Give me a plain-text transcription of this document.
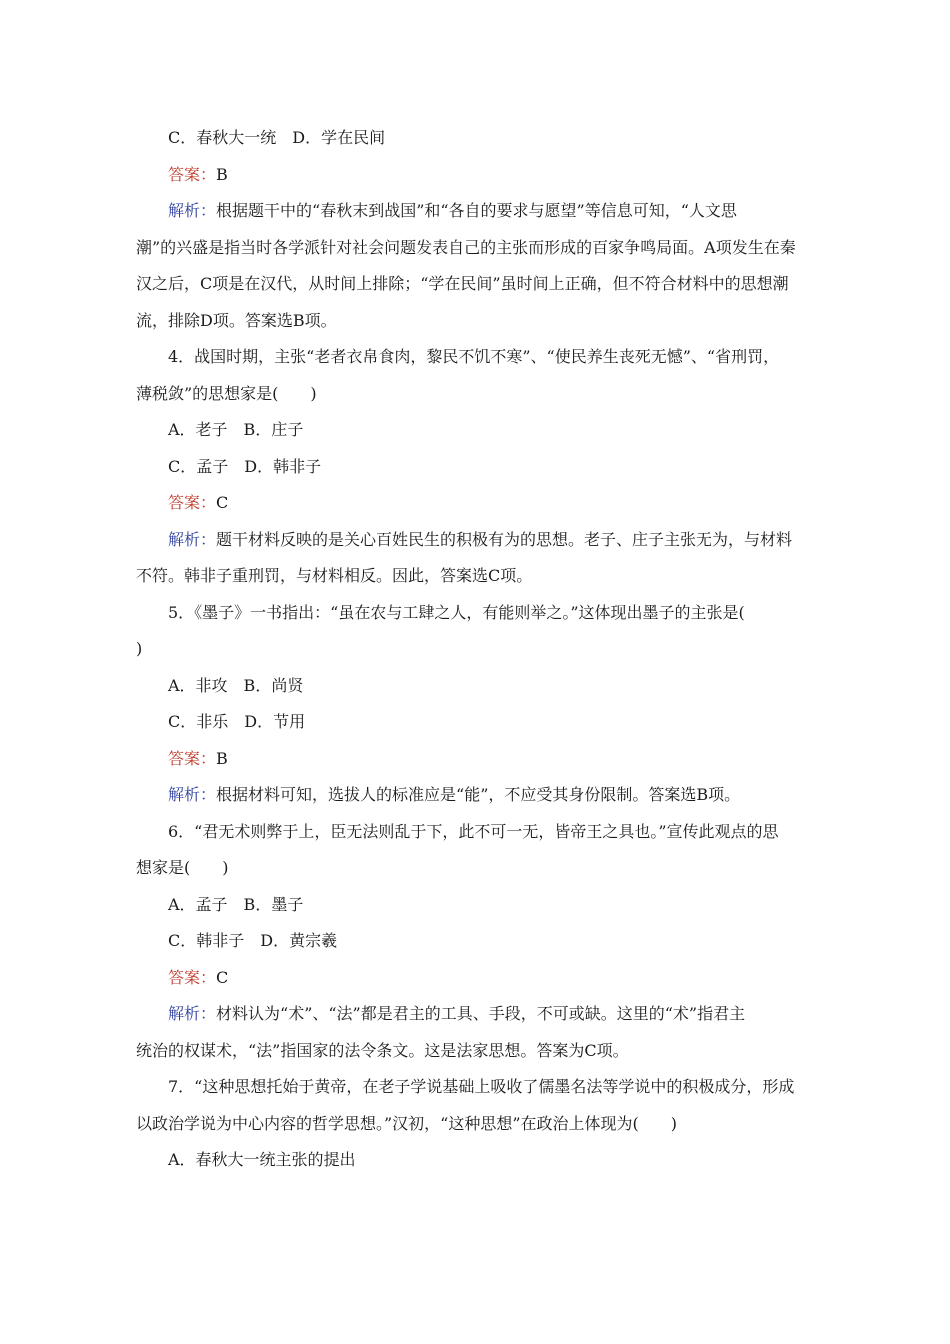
C．春秋大一统　D．学在民间
答案：B
解析：根据题干中的“春秋末到战国”和“各自的要求与愿望”等信息可知，“人文思
潮”的兴盛是指当时各学派针对社会问题发表自己的主张而形成的百家争鸣局面。A项发生在秦
汉之后，C项是在汉代，从时间上排除；“学在民间”虽时间上正确，但不符合材料中的思想潮
流，排除D项。答案选B项。
4．战国时期，主张“老者衣帛食肉，黎民不饥不寒”、“使民养生丧死无憾”、“省刑罚，
薄税敛”的思想家是(　　)
A．老子　B．庄子
C．孟子　D．韩非子
答案：C
解析：题干材料反映的是关心百姓民生的积极有为的思想。老子、庄子主张无为，与材料
不符。韩非子重刑罚，与材料相反。因此，答案选C项。
5．《墨子》一书指出：“虽在农与工肆之人，有能则举之。”这体现出墨子的主张是(
)
A．非攻　B．尚贤
C．非乐　D．节用
答案：B
解析：根据材料可知，选拔人的标准应是“能”，不应受其身份限制。答案选B项。
6．“君无术则弊于上，臣无法则乱于下，此不可一无，皆帝王之具也。”宣传此观点的思
想家是(　　)
A．孟子　B．墨子
C．韩非子　D．黄宗羲
答案：C
解析：材料认为“术”、“法”都是君主的工具、手段，不可或缺。这里的“术”指君主
统治的权谋术，“法”指国家的法令条文。这是法家思想。答案为C项。
7．“这种思想托始于黄帝，在老子学说基础上吸收了儒墨名法等学说中的积极成分，形成
以政治学说为中心内容的哲学思想。”汉初，“这种思想”在政治上体现为(　　)
A．春秋大一统主张的提出
